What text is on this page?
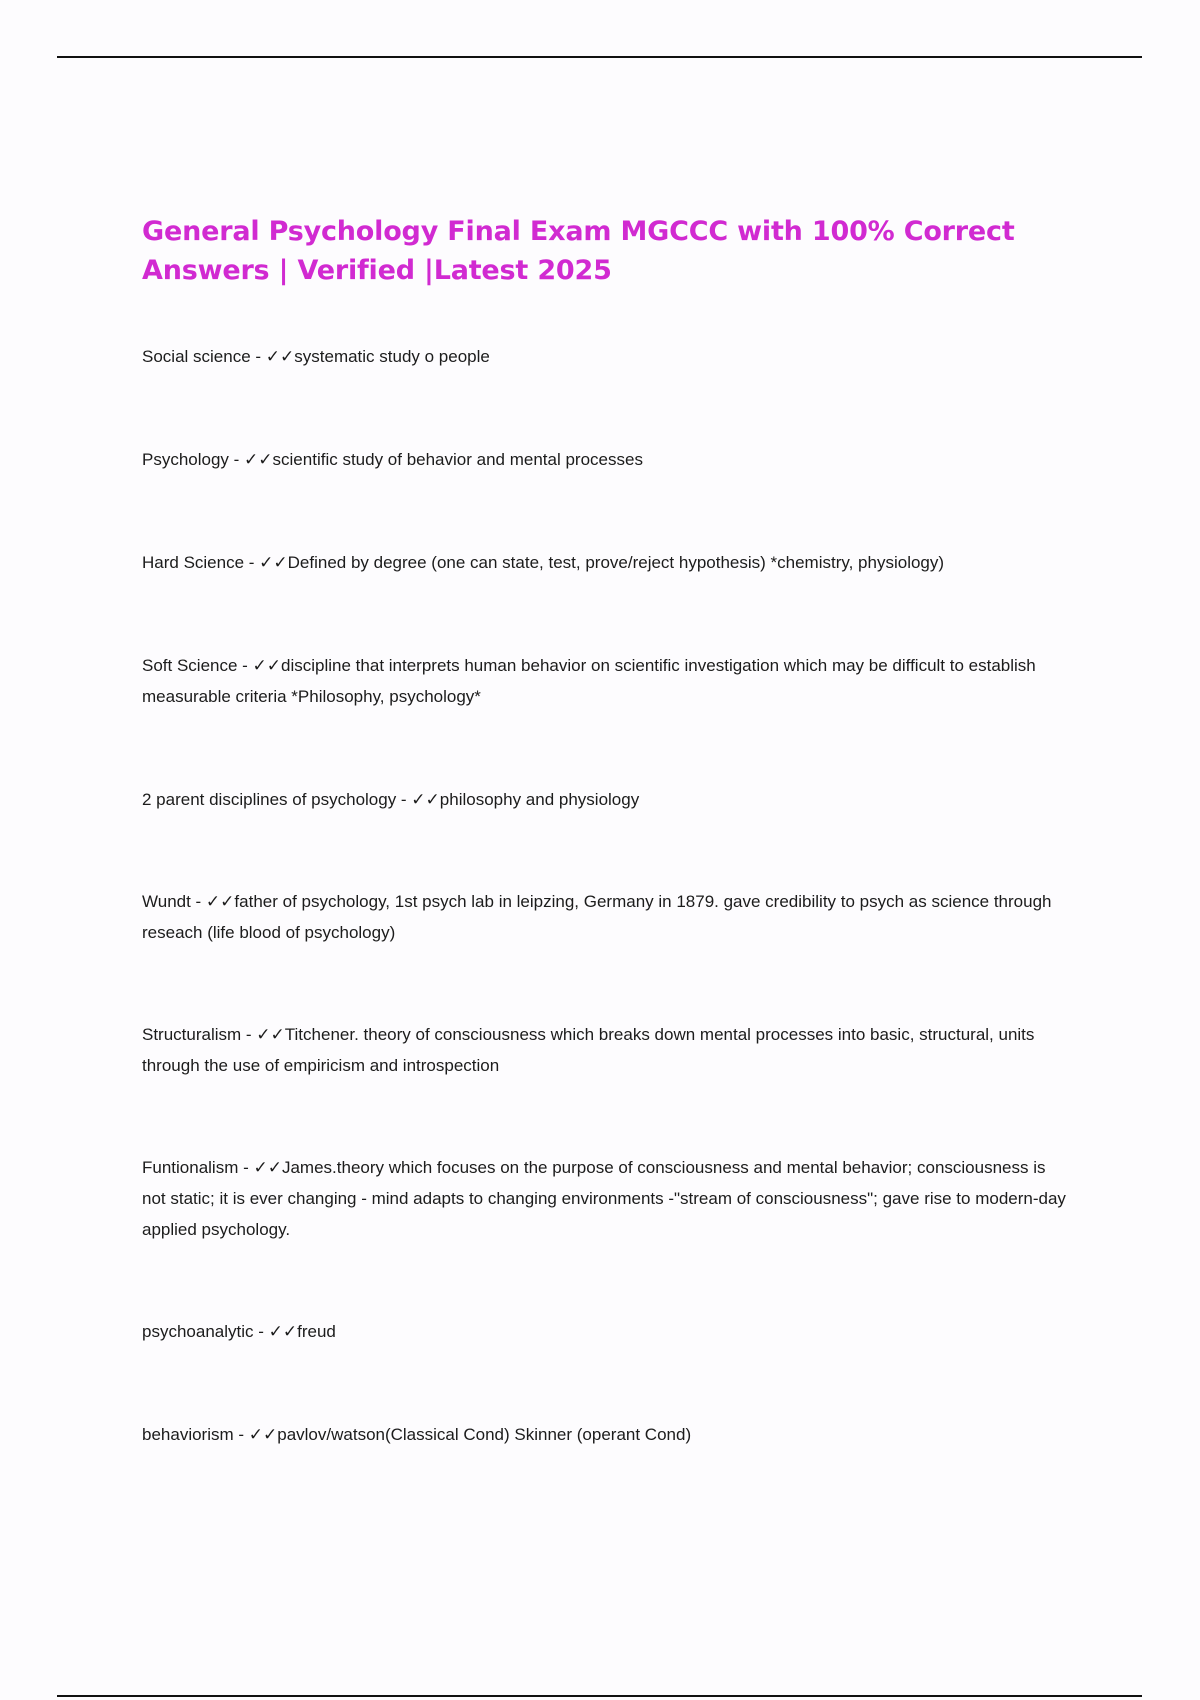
General Psychology Final Exam MGCCC with 100% Correct Answers | Verified |Latest 2025

Social science - ✓✓systematic study o people

Psychology - ✓✓scientific study of behavior and mental processes

Hard Science - ✓✓Defined by degree (one can state, test, prove/reject hypothesis) *chemistry, physiology)

Soft Science - ✓✓discipline that interprets human behavior on scientific investigation which may be difficult to establish measurable criteria *Philosophy, psychology*

2 parent disciplines of psychology - ✓✓philosophy and physiology

Wundt - ✓✓father of psychology, 1st psych lab in leipzing, Germany in 1879. gave credibility to psych as science through reseach (life blood of psychology)

Structuralism - ✓✓Titchener. theory of consciousness which breaks down mental processes into basic, structural, units through the use of empiricism and introspection

Funtionalism - ✓✓James.theory which focuses on the purpose of consciousness and mental behavior; consciousness is not static; it is ever changing - mind adapts to changing environments -"stream of consciousness"; gave rise to modern-day applied psychology.

psychoanalytic - ✓✓freud

behaviorism - ✓✓pavlov/watson(Classical Cond) Skinner (operant Cond)
